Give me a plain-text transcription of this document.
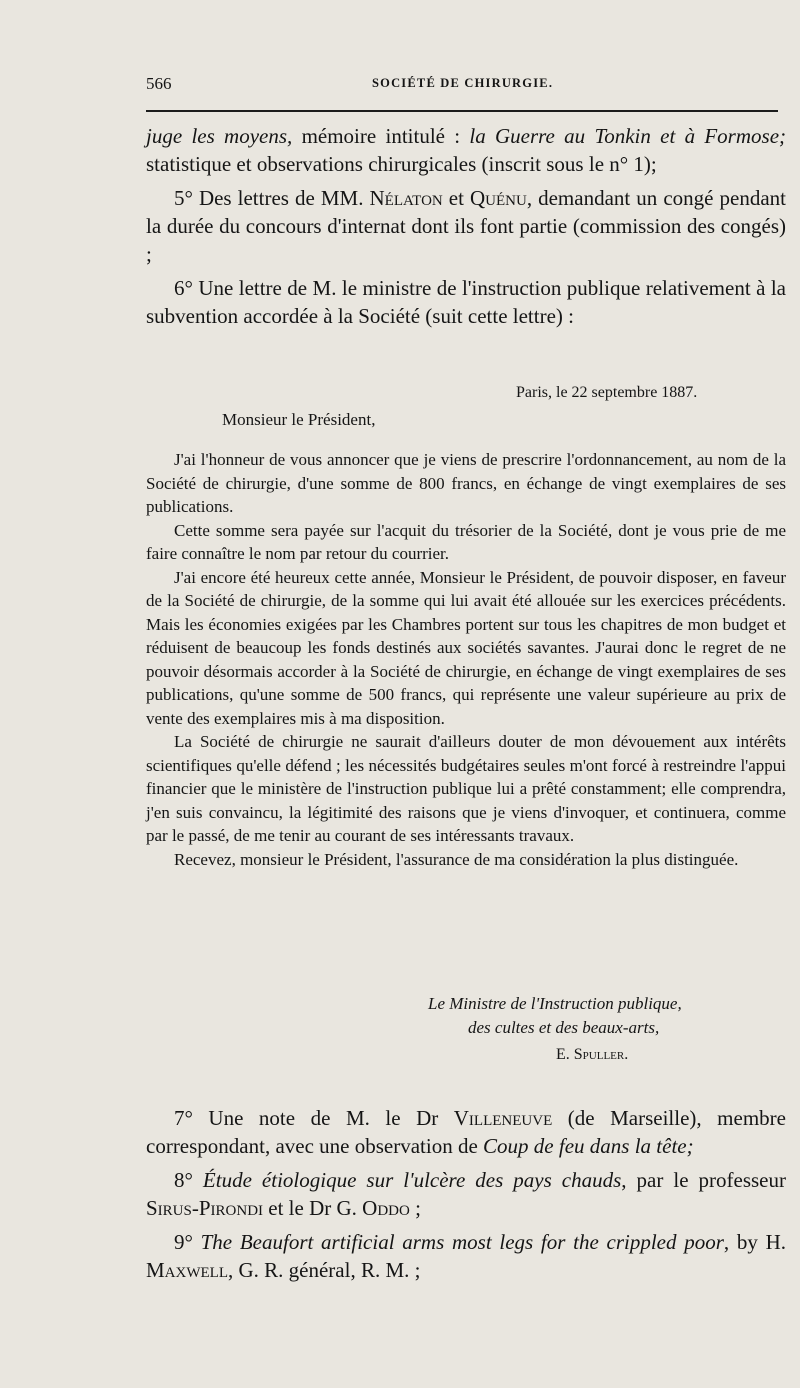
566	SOCIÉTÉ DE CHIRURGIE.

juge les moyens, mémoire intitulé : la Guerre au Tonkin et à Formose; statistique et observations chirurgicales (inscrit sous le n° 1);

5° Des lettres de MM. Nélaton et Quénu, demandant un congé pendant la durée du concours d'internat dont ils font partie (commission des congés) ;

6° Une lettre de M. le ministre de l'instruction publique relativement à la subvention accordée à la Société (suit cette lettre) :

Paris, le 22 septembre 1887.
Monsieur le Président,

J'ai l'honneur de vous annoncer que je viens de prescrire l'ordonnancement, au nom de la Société de chirurgie, d'une somme de 800 francs, en échange de vingt exemplaires de ses publications.

Cette somme sera payée sur l'acquit du trésorier de la Société, dont je vous prie de me faire connaître le nom par retour du courrier.

J'ai encore été heureux cette année, Monsieur le Président, de pouvoir disposer, en faveur de la Société de chirurgie, de la somme qui lui avait été allouée sur les exercices précédents. Mais les économies exigées par les Chambres portent sur tous les chapitres de mon budget et réduisent de beaucoup les fonds destinés aux sociétés savantes. J'aurai donc le regret de ne pouvoir désormais accorder à la Société de chirurgie, en échange de vingt exemplaires de ses publications, qu'une somme de 500 francs, qui représente une valeur supérieure au prix de vente des exemplaires mis à ma disposition.

La Société de chirurgie ne saurait d'ailleurs douter de mon dévouement aux intérêts scientifiques qu'elle défend ; les nécessités budgétaires seules m'ont forcé à restreindre l'appui financier que le ministère de l'instruction publique lui a prêté constamment; elle comprendra, j'en suis convaincu, la légitimité des raisons que je viens d'invoquer, et continuera, comme par le passé, de me tenir au courant de ses intéressants travaux.

Recevez, monsieur le Président, l'assurance de ma considération la plus distinguée.

Le Ministre de l'Instruction publique,
des cultes et des beaux-arts,
E. Spuller.

7° Une note de M. le Dr Villeneuve (de Marseille), membre correspondant, avec une observation de Coup de feu dans la tête;

8° Étude étiologique sur l'ulcère des pays chauds, par le professeur Sirus-Pirondi et le Dr G. Oddo ;

9° The Beaufort artificial arms most legs for the crippled poor, by H. Maxwell, G. R. général, R. M. ;
